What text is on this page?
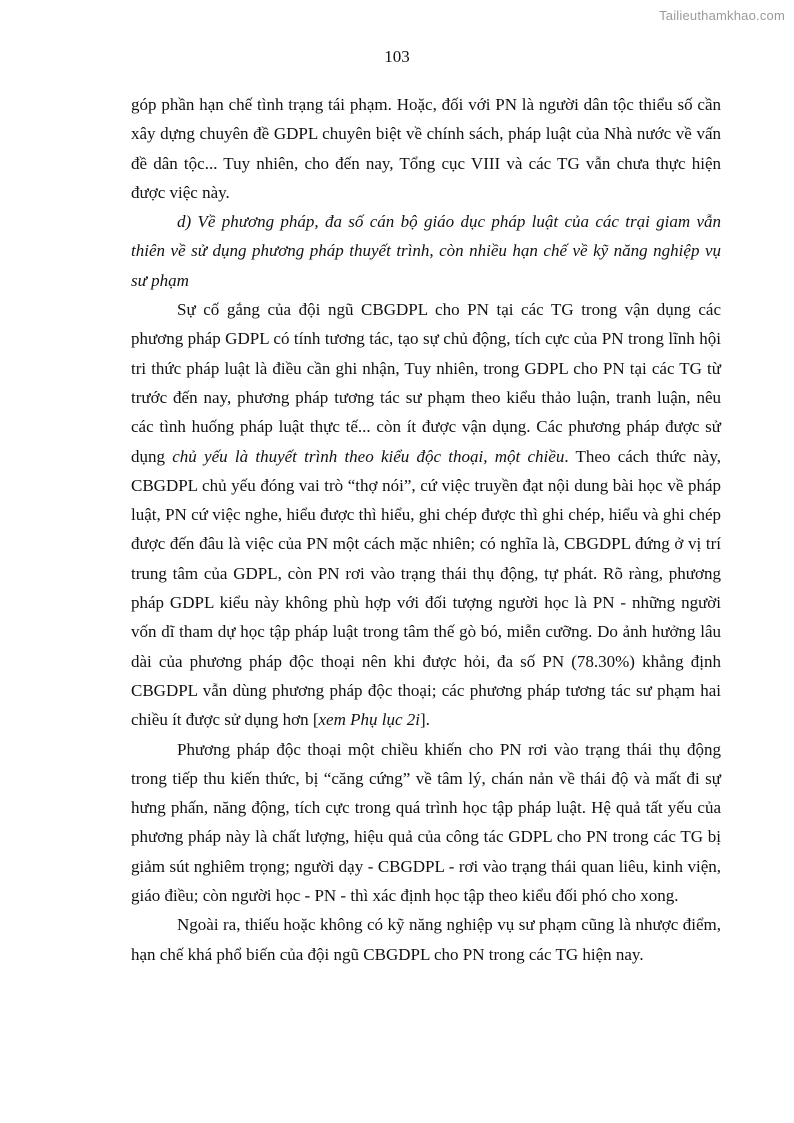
Tailieuthamkhao.com
103

góp phần hạn chế tình trạng tái phạm. Hoặc, đối với PN là người dân tộc thiểu số cần xây dựng chuyên đề GDPL chuyên biệt về chính sách, pháp luật của Nhà nước về vấn đề dân tộc... Tuy nhiên, cho đến nay, Tổng cục VIII và các TG vẫn chưa thực hiện được việc này.

d) Về phương pháp, đa số cán bộ giáo dục pháp luật của các trại giam vẫn thiên về sử dụng phương pháp thuyết trình, còn nhiều hạn chế về kỹ năng nghiệp vụ sư phạm

Sự cố gắng của đội ngũ CBGDPL cho PN tại các TG trong vận dụng các phương pháp GDPL có tính tương tác, tạo sự chủ động, tích cực của PN trong lĩnh hội tri thức pháp luật là điều cần ghi nhận, Tuy nhiên, trong GDPL cho PN tại các TG từ trước đến nay, phương pháp tương tác sư phạm theo kiểu thảo luận, tranh luận, nêu các tình huống pháp luật thực tế... còn ít được vận dụng. Các phương pháp được sử dụng chủ yếu là thuyết trình theo kiểu độc thoại, một chiều. Theo cách thức này, CBGDPL chủ yếu đóng vai trò “thợ nói”, cứ việc truyền đạt nội dung bài học về pháp luật, PN cứ việc nghe, hiểu được thì hiểu, ghi chép được thì ghi chép, hiểu và ghi chép được đến đâu là việc của PN một cách mặc nhiên; có nghĩa là, CBGDPL đứng ở vị trí trung tâm của GDPL, còn PN rơi vào trạng thái thụ động, tự phát. Rõ ràng, phương pháp GDPL kiểu này không phù hợp với đối tượng người học là PN - những người vốn dĩ tham dự học tập pháp luật trong tâm thế gò bó, miễn cưỡng. Do ảnh hưởng lâu dài của phương pháp độc thoại nên khi được hỏi, đa số PN (78.30%) khẳng định CBGDPL vẫn dùng phương pháp độc thoại; các phương pháp tương tác sư phạm hai chiều ít được sử dụng hơn [xem Phụ lục 2i].

Phương pháp độc thoại một chiều khiến cho PN rơi vào trạng thái thụ động trong tiếp thu kiến thức, bị “căng cứng” về tâm lý, chán nản về thái độ và mất đi sự hưng phấn, năng động, tích cực trong quá trình học tập pháp luật. Hệ quả tất yếu của phương pháp này là chất lượng, hiệu quả của công tác GDPL cho PN trong các TG bị giảm sút nghiêm trọng; người dạy - CBGDPL - rơi vào trạng thái quan liêu, kinh viện, giáo điều; còn người học - PN - thì xác định học tập theo kiểu đối phó cho xong.

Ngoài ra, thiếu hoặc không có kỹ năng nghiệp vụ sư phạm cũng là nhược điểm, hạn chế khá phổ biến của đội ngũ CBGDPL cho PN trong các TG hiện nay.
